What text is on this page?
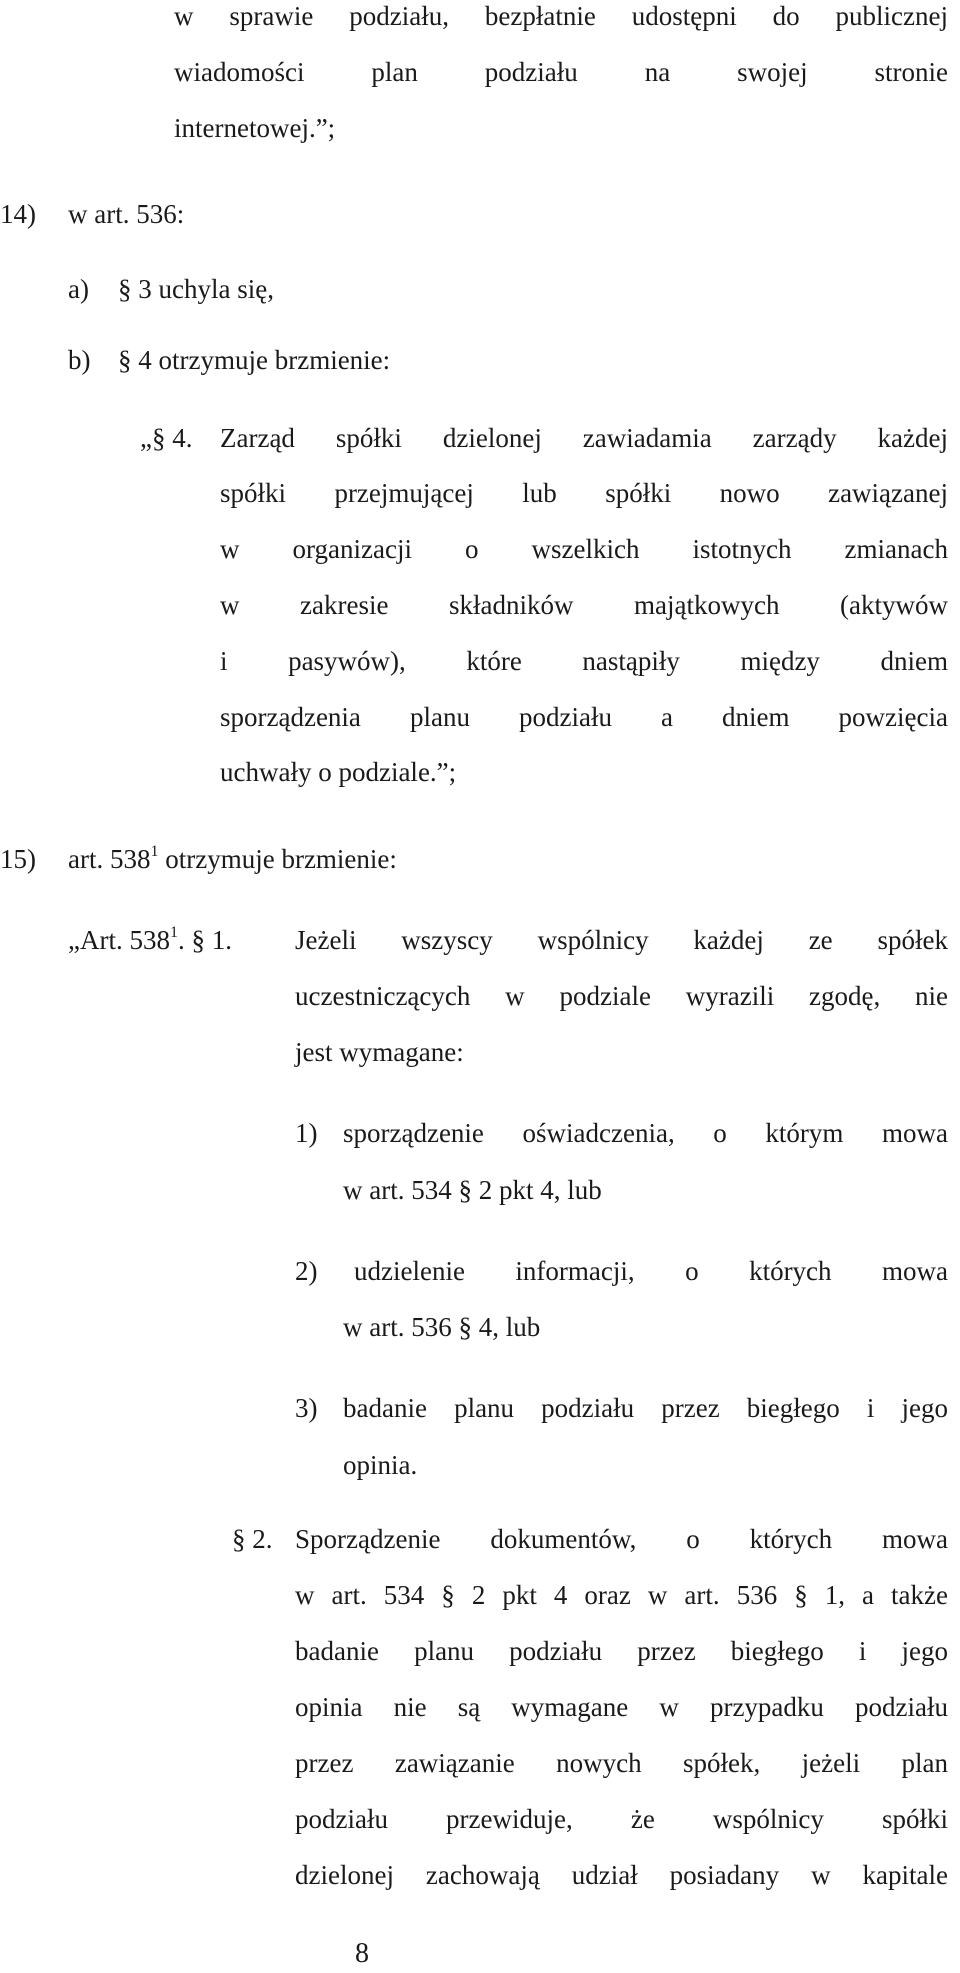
w sprawie podziału, bezpłatnie udostępni do publicznej
wiadomości plan podziału na swojej stronie
internetowej.”;
14) w art. 536:
a) § 3 uchyla się,
b) § 4 otrzymuje brzmienie:
„§ 4. Zarząd spółki dzielonej zawiadamia zarządy każdej
spółki przejmującej lub spółki nowo zawiązanej
w organizacji o wszelkich istotnych zmianach
w zakresie składników majątkowych (aktywów
i pasywów), które nastąpiły między dniem
sporządzenia planu podziału a dniem powzięcia
uchwały o podziale.”;
15) art. $538^1$ otrzymuje brzmienie:
„Art. $538^1$. § 1. Jeżeli wszyscy wspólnicy każdej ze spółek
uczestniczących w podziale wyrazili zgodę, nie
jest wymagane:
1) sporządzenie oświadczenia, o którym mowa
w art. 534 § 2 pkt 4, lub
2) udzielenie informacji, o których mowa
w art. 536 § 4, lub
3) badanie planu podziału przez biegłego i jego
opinia.
§ 2. Sporządzenie dokumentów, o których mowa
w art. 534 § 2 pkt 4 oraz w art. 536 § 1, a także
badanie planu podziału przez biegłego i jego
opinia nie są wymagane w przypadku podziału
przez zawiązanie nowych spółek, jeżeli plan
podziału przewiduje, że wspólnicy spółki
dzielonej zachowają udział posiadany w kapitale
8
